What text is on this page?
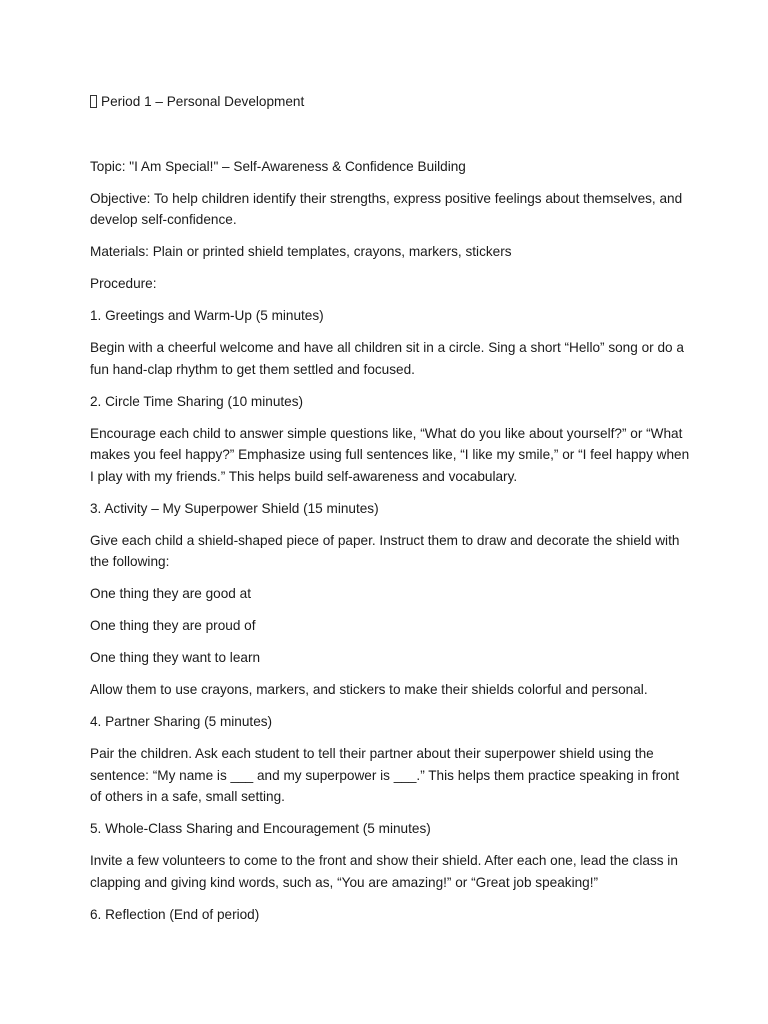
Period 1 – Personal Development

Topic: "I Am Special!" – Self-Awareness & Confidence Building

Objective: To help children identify their strengths, express positive feelings about themselves, and develop self-confidence.

Materials: Plain or printed shield templates, crayons, markers, stickers

Procedure:

1. Greetings and Warm-Up (5 minutes)

Begin with a cheerful welcome and have all children sit in a circle. Sing a short “Hello” song or do a fun hand-clap rhythm to get them settled and focused.

2. Circle Time Sharing (10 minutes)

Encourage each child to answer simple questions like, “What do you like about yourself?” or “What makes you feel happy?” Emphasize using full sentences like, “I like my smile,” or “I feel happy when I play with my friends.” This helps build self-awareness and vocabulary.

3. Activity – My Superpower Shield (15 minutes)

Give each child a shield-shaped piece of paper. Instruct them to draw and decorate the shield with the following:

One thing they are good at

One thing they are proud of

One thing they want to learn

Allow them to use crayons, markers, and stickers to make their shields colorful and personal.

4. Partner Sharing (5 minutes)

Pair the children. Ask each student to tell their partner about their superpower shield using the sentence: “My name is ___ and my superpower is ___.” This helps them practice speaking in front of others in a safe, small setting.

5. Whole-Class Sharing and Encouragement (5 minutes)

Invite a few volunteers to come to the front and show their shield. After each one, lead the class in clapping and giving kind words, such as, “You are amazing!” or “Great job speaking!”

6. Reflection (End of period)
